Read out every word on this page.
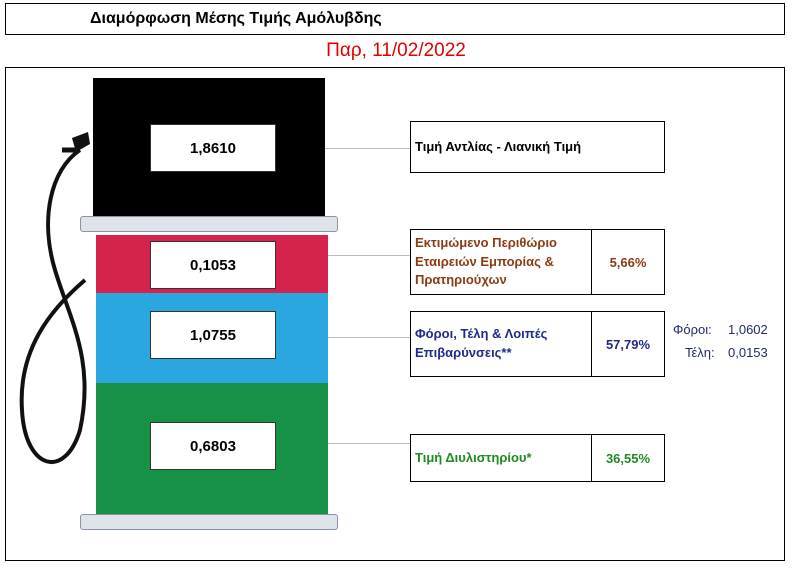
Διαμόρφωση Μέσης Τιμής Αμόλυβδης
Παρ, 11/02/2022
1,8610
0,1053
1,0755
0,6803
Τιμή Αντλίας - Λιανική Τιμή
Εκτιμώμενο Περιθώριο Εταιρειών Εμπορίας & Πρατηριούχων
5,66%
Φόροι, Τέλη & Λοιπές Επιβαρύνσεις**
57,79%
Τιμή Διυλιστηρίου*	36,55%
Φόροι: 1,0602
Τέλη: 0,0153
